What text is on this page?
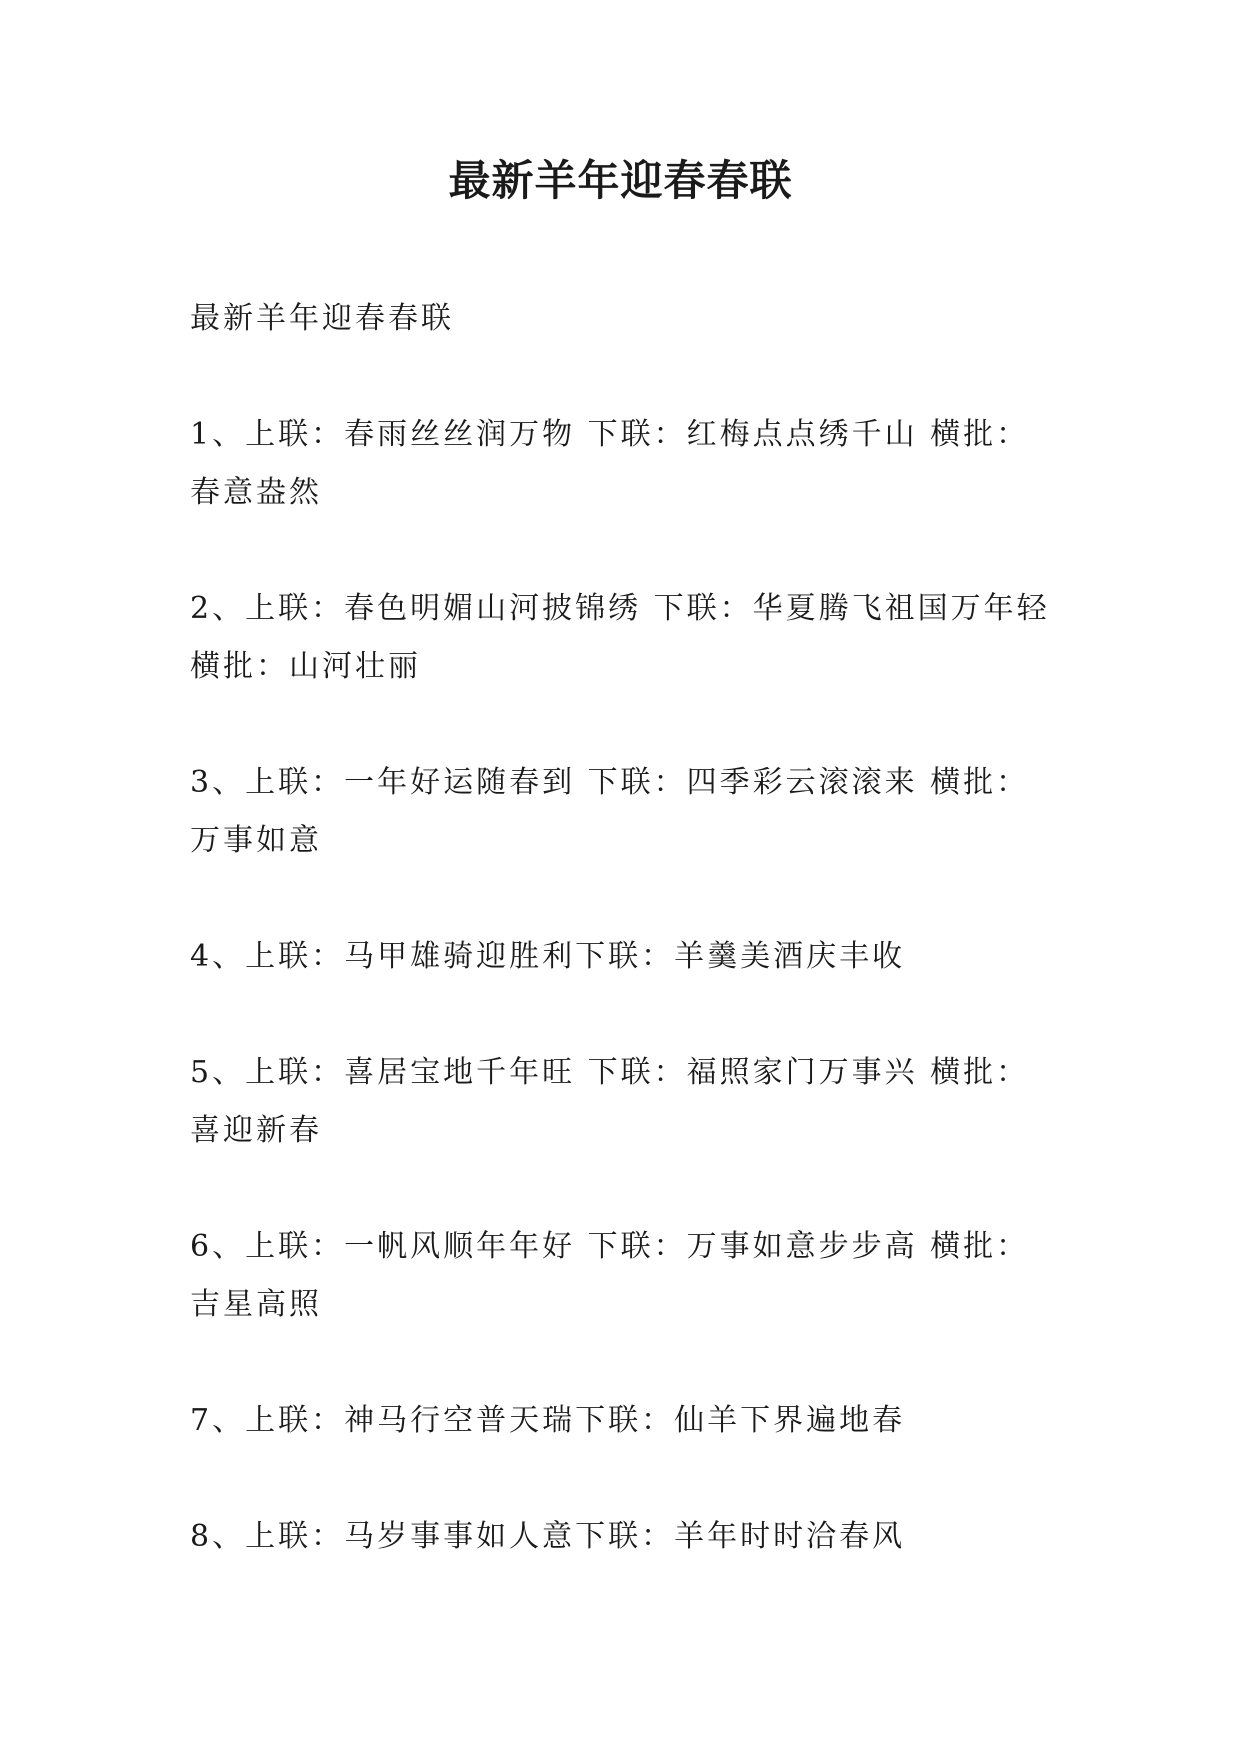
最新羊年迎春春联

最新羊年迎春春联

1、上联：春雨丝丝润万物 下联：红梅点点绣千山 横批：春意盎然

2、上联：春色明媚山河披锦绣 下联：华夏腾飞祖国万年轻 横批：山河壮丽

3、上联：一年好运随春到 下联：四季彩云滚滚来 横批：万事如意

4、上联：马甲雄骑迎胜利下联：羊羹美酒庆丰收

5、上联：喜居宝地千年旺 下联：福照家门万事兴 横批：喜迎新春

6、上联：一帆风顺年年好 下联：万事如意步步高 横批：吉星高照

7、上联：神马行空普天瑞下联：仙羊下界遍地春

8、上联：马岁事事如人意下联：羊年时时洽春风
